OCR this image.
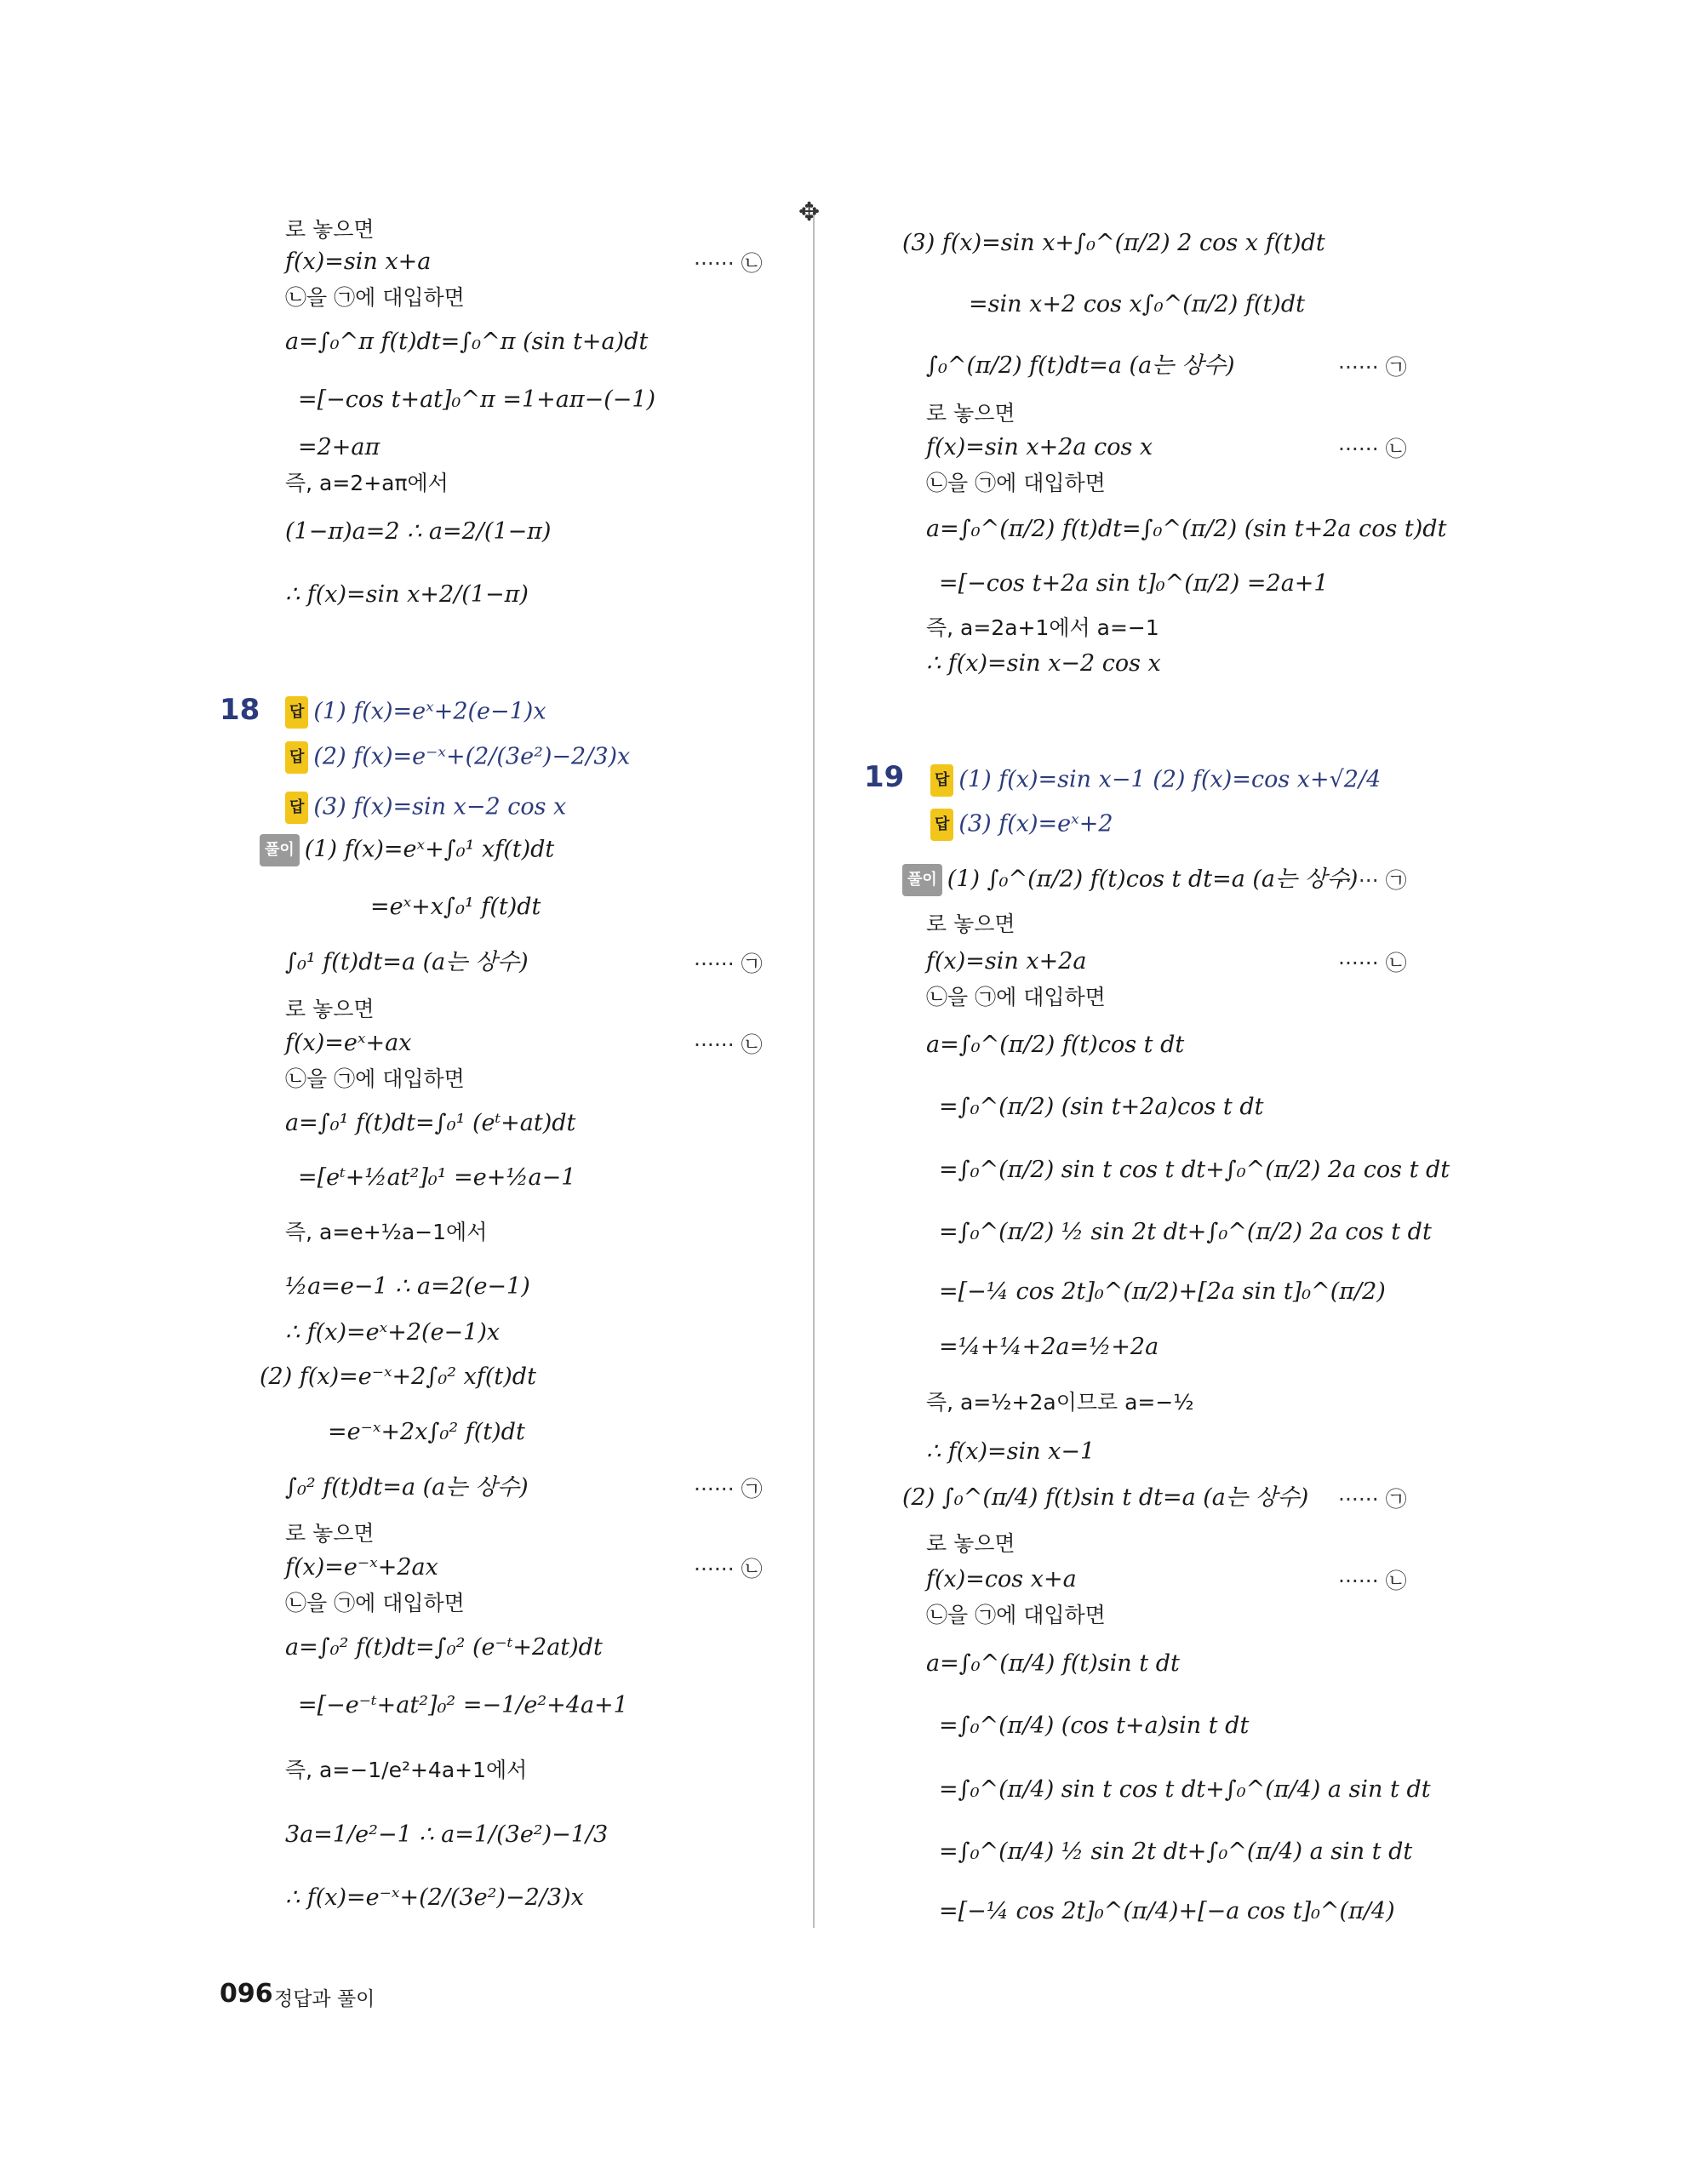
✥
로 놓으면
f(x)=sin x+a	······ ㉡
㉡을 ㉠에 대입하면
a=∫₀^π f(t)dt=∫₀^π (sin t+a)dt
=[−cos t+at]₀^π =1+aπ−(−1)
=2+aπ
즉, a=2+aπ에서
(1−π)a=2 ∴ a=2/(1−π)
∴ f(x)=sin x+2/(1−π)
18 답 (1) f(x)=eˣ+2(e−1)x
답 (2) f(x)=e⁻ˣ+(2/(3e²)−2/3)x
답 (3) f(x)=sin x−2 cos x
풀이 (1) f(x)=eˣ+∫₀¹ xf(t)dt
=eˣ+x∫₀¹ f(t)dt
∫₀¹ f(t)dt=a (a는 상수)	······ ㉠
로 놓으면
f(x)=eˣ+ax	······ ㉡
㉡을 ㉠에 대입하면
a=∫₀¹ f(t)dt=∫₀¹ (eᵗ+at)dt
=[eᵗ+½at²]₀¹ =e+½a−1
즉, a=e+½a−1에서
½a=e−1 ∴ a=2(e−1)
∴ f(x)=eˣ+2(e−1)x
(2) f(x)=e⁻ˣ+2∫₀² xf(t)dt
=e⁻ˣ+2x∫₀² f(t)dt
∫₀² f(t)dt=a (a는 상수)	······ ㉠
로 놓으면
f(x)=e⁻ˣ+2ax	······ ㉡
㉡을 ㉠에 대입하면
a=∫₀² f(t)dt=∫₀² (e⁻ᵗ+2at)dt
=[−e⁻ᵗ+at²]₀² =−1/e²+4a+1
즉, a=−1/e²+4a+1에서
3a=1/e²−1 ∴ a=1/(3e²)−1/3
∴ f(x)=e⁻ˣ+(2/(3e²)−2/3)x
(3) f(x)=sin x+∫₀^(π/2) 2 cos x f(t)dt
=sin x+2 cos x∫₀^(π/2) f(t)dt
∫₀^(π/2) f(t)dt=a (a는 상수)	······ ㉠
로 놓으면
f(x)=sin x+2a cos x	······ ㉡
㉡을 ㉠에 대입하면
a=∫₀^(π/2) f(t)dt=∫₀^(π/2) (sin t+2a cos t)dt
=[−cos t+2a sin t]₀^(π/2) =2a+1
즉, a=2a+1에서 a=−1
∴ f(x)=sin x−2 cos x
19 답 (1) f(x)=sin x−1 (2) f(x)=cos x+√2/4
답 (3) f(x)=eˣ+2
풀이 (1) ∫₀^(π/2) f(t)cos t dt=a (a는 상수)
······ ㉠
로 놓으면
f(x)=sin x+2a	······ ㉡
㉡을 ㉠에 대입하면
a=∫₀^(π/2) f(t)cos t dt
=∫₀^(π/2) (sin t+2a)cos t dt
=∫₀^(π/2) sin t cos t dt+∫₀^(π/2) 2a cos t dt
=∫₀^(π/2) ½ sin 2t dt+∫₀^(π/2) 2a cos t dt
=[−¼ cos 2t]₀^(π/2)+[2a sin t]₀^(π/2)
=¼+¼+2a=½+2a
즉, a=½+2a이므로 a=−½
∴ f(x)=sin x−1
(2) ∫₀^(π/4) f(t)sin t dt=a (a는 상수) ······ ㉠
로 놓으면
f(x)=cos x+a	······ ㉡
㉡을 ㉠에 대입하면
a=∫₀^(π/4) f(t)sin t dt
=∫₀^(π/4) (cos t+a)sin t dt
=∫₀^(π/4) sin t cos t dt+∫₀^(π/4) a sin t dt
=∫₀^(π/4) ½ sin 2t dt+∫₀^(π/4) a sin t dt
=[−¼ cos 2t]₀^(π/4)+[−a cos t]₀^(π/4)
096 정답과 풀이
